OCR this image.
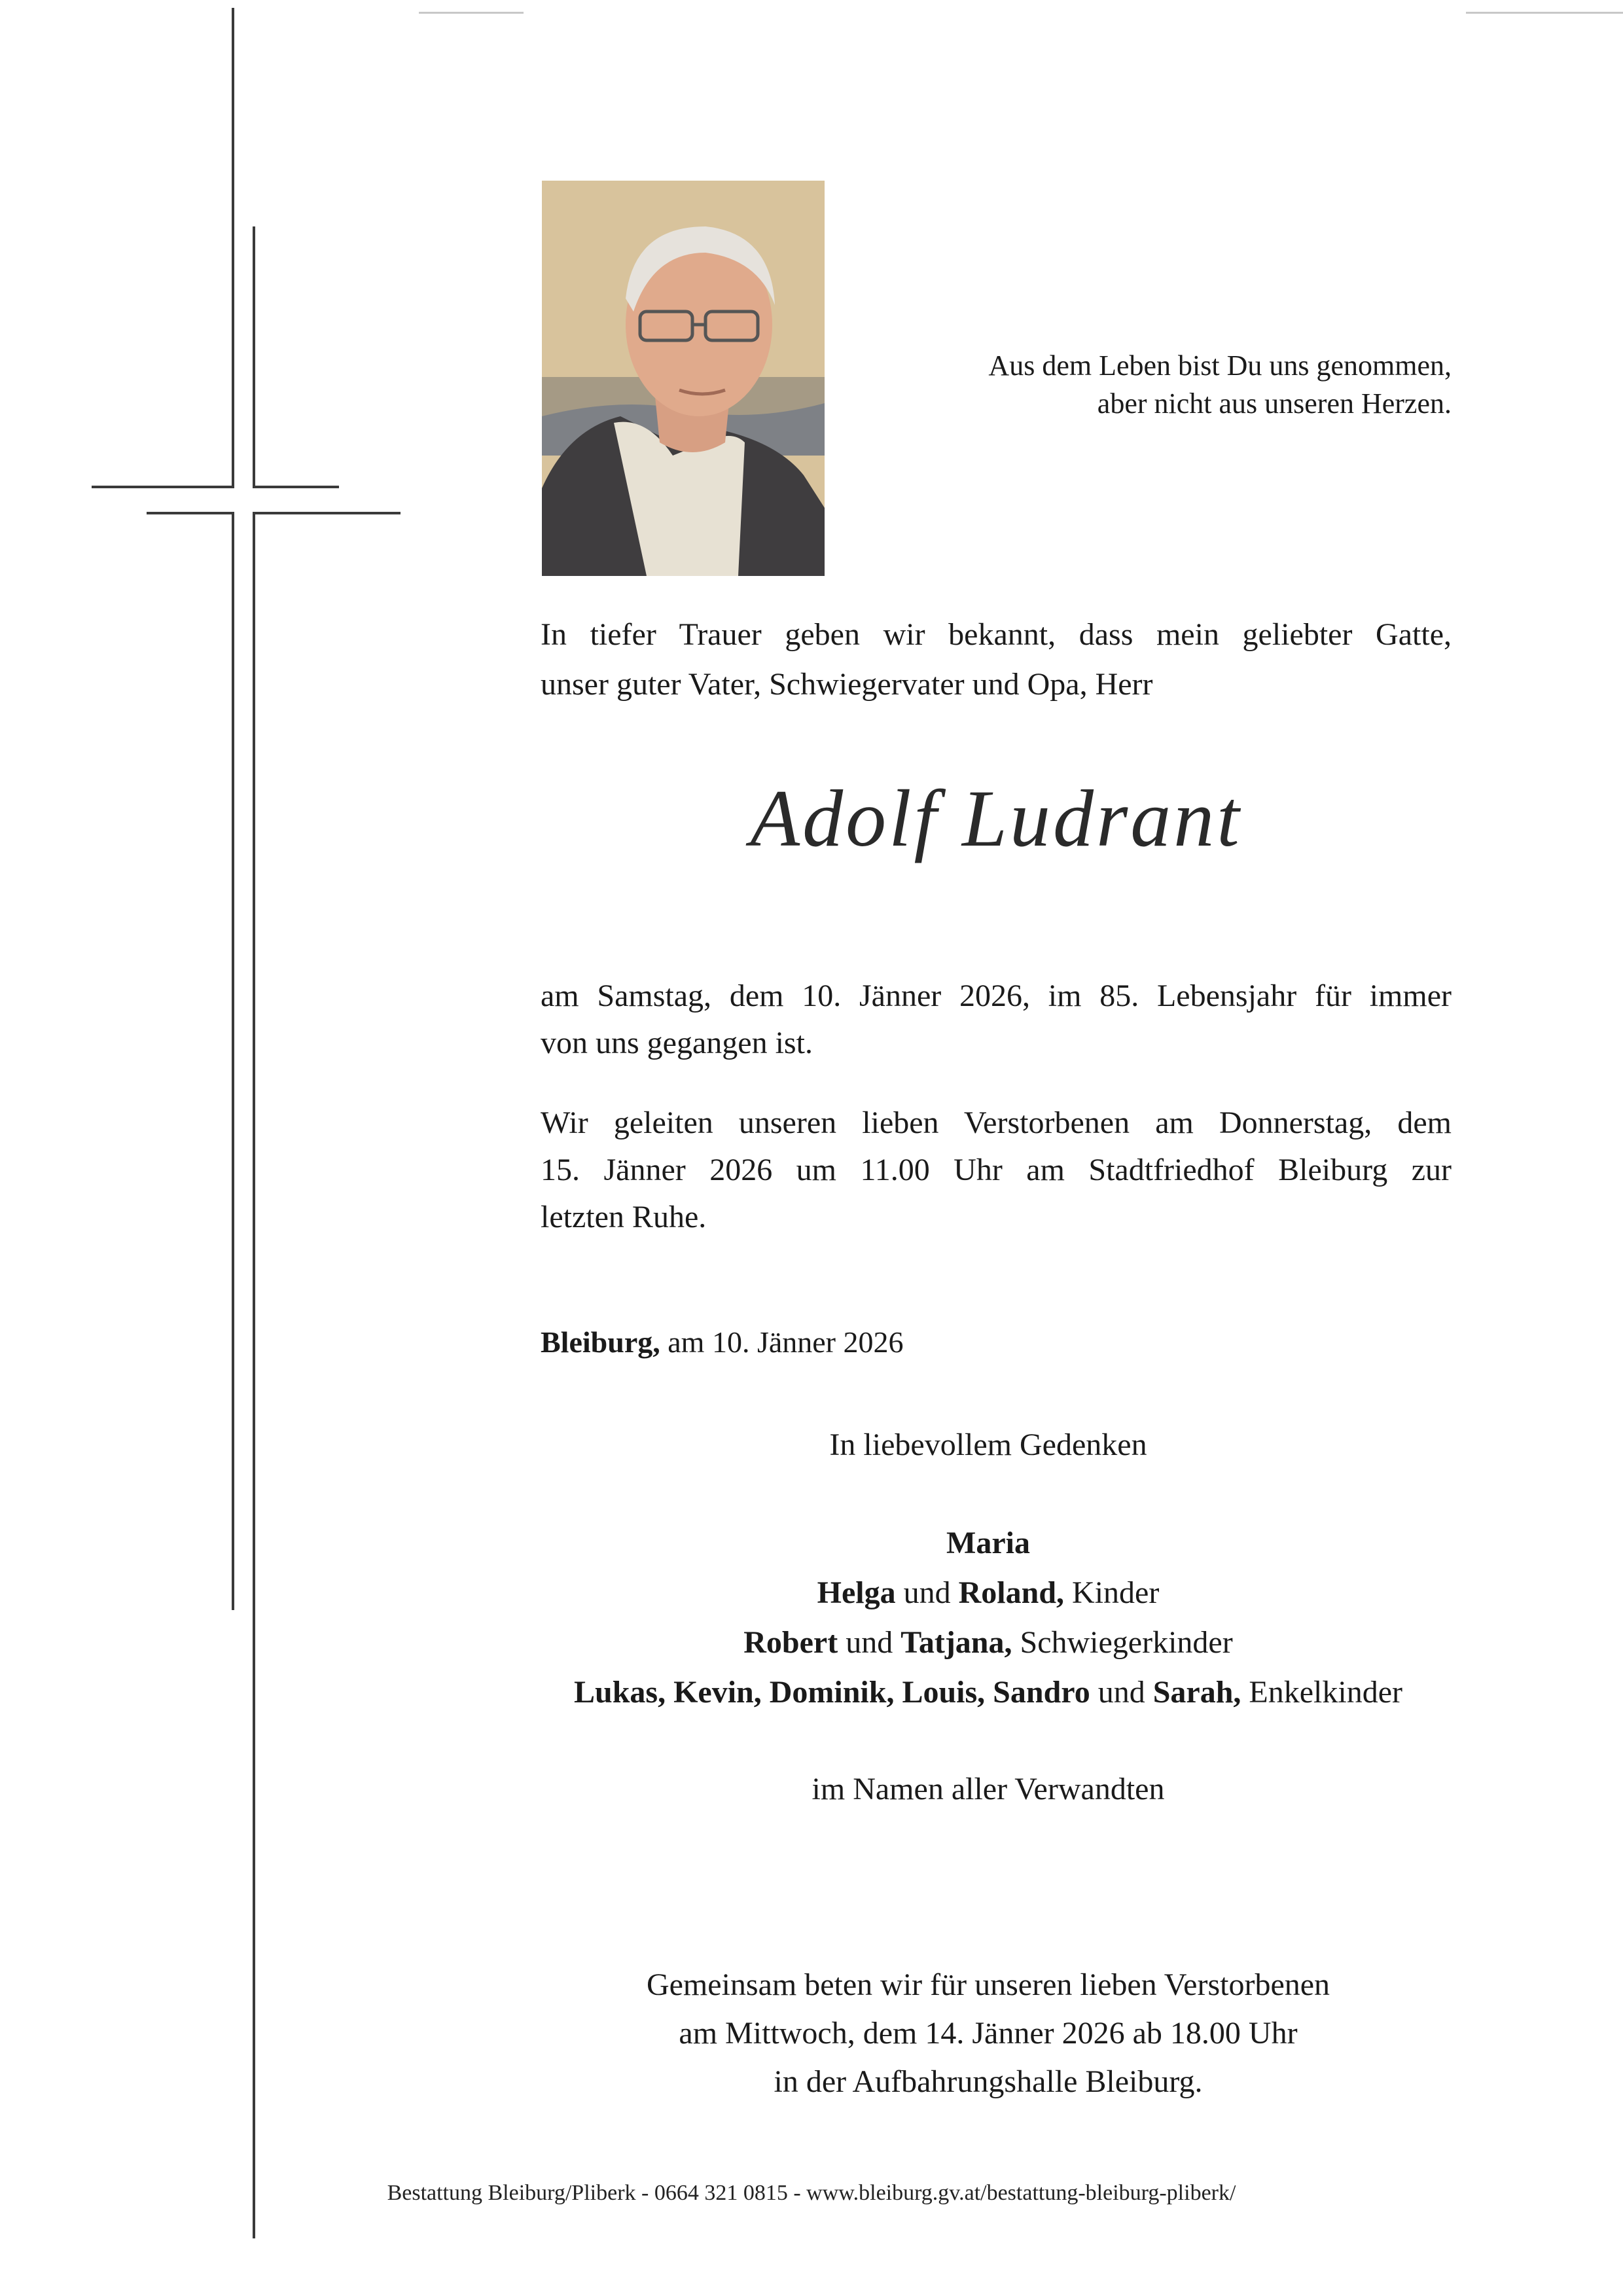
Aus dem Leben bist Du uns genommen,
aber nicht aus unseren Herzen.
In tiefer Trauer geben wir bekannt, dass mein geliebter Gatte,
unser guter Vater, Schwiegervater und Opa, Herr
Adolf Ludrant
am Samstag, dem 10. Jänner 2026, im 85. Lebensjahr für immer
von uns gegangen ist.
Wir geleiten unseren lieben Verstorbenen am Donnerstag, dem
15. Jänner 2026 um 11.00 Uhr am Stadtfriedhof Bleiburg zur
letzten Ruhe.
Bleiburg, am 10. Jänner 2026
In liebevollem Gedenken
Maria
Helga und Roland, Kinder
Robert und Tatjana, Schwiegerkinder
Lukas, Kevin, Dominik, Louis, Sandro und Sarah, Enkelkinder
im Namen aller Verwandten
Gemeinsam beten wir für unseren lieben Verstorbenen
am Mittwoch, dem 14. Jänner 2026 ab 18.00 Uhr
in der Aufbahrungshalle Bleiburg.
Bestattung Bleiburg/Pliberk - 0664 321 0815 - www.bleiburg.gv.at/bestattung-bleiburg-pliberk/
